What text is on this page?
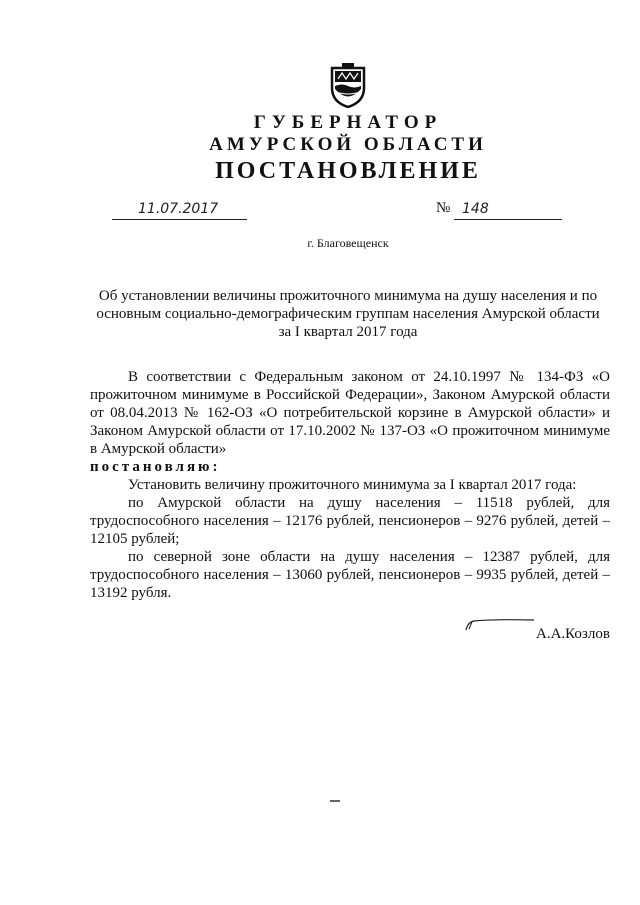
ГУБЕРНАТОР
АМУРСКОЙ ОБЛАСТИ
ПОСТАНОВЛЕНИЕ
11.07.2017	№ 148
г. Благовещенск
Об установлении величины прожиточного минимума на душу населения и по
основным социально-демографическим группам населения Амурской области
за I квартал 2017 года

В соответствии с Федеральным законом от 24.10.1997 № 134-ФЗ «О прожиточном минимуме в Российской Федерации», Законом Амурской области от 08.04.2013 № 162-ОЗ «О потребительской корзине в Амурской области» и Законом Амурской области от 17.10.2002 № 137-ОЗ «О прожиточном минимуме в Амурской области»

постановляю:

Установить величину прожиточного минимума за I квартал 2017 года:

по Амурской области на душу населения – 11518 рублей, для трудоспособного населения – 12176 рублей, пенсионеров – 9276 рублей, детей – 12105 рублей;

по северной зоне области на душу населения – 12387 рублей, для трудоспособного населения – 13060 рублей, пенсионеров – 9935 рублей, детей – 13192 рубля.

А.А.Козлов
